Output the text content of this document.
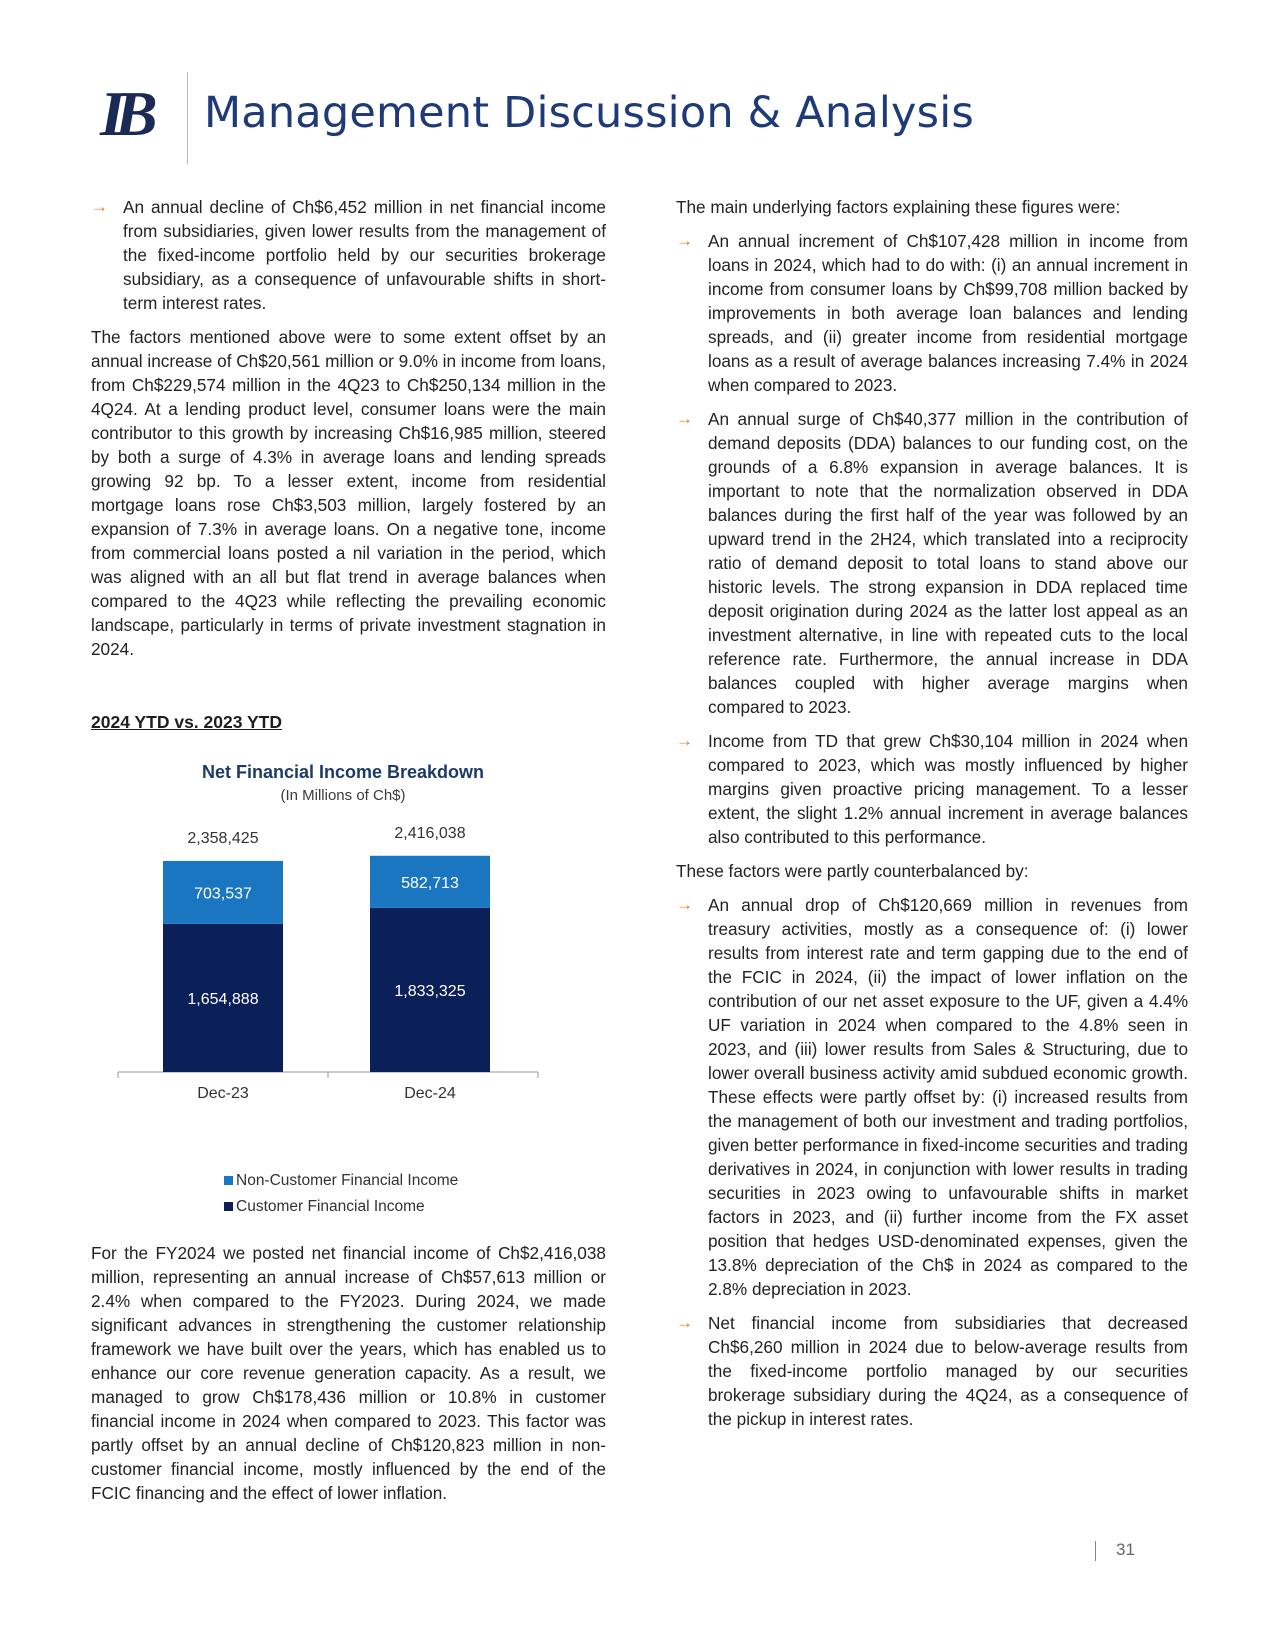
IB	Management Discussion & Analysis
→ An annual decline of Ch$6,452 million in net financial income from subsidiaries, given lower results from the management of the fixed-income portfolio held by our securities brokerage subsidiary, as a consequence of unfavourable shifts in short-term interest rates.

The factors mentioned above were to some extent offset by an annual increase of Ch$20,561 million or 9.0% in income from loans, from Ch$229,574 million in the 4Q23 to Ch$250,134 million in the 4Q24. At a lending product level, consumer loans were the main contributor to this growth by increasing Ch$16,985 million, steered by both a surge of 4.3% in average loans and lending spreads growing 92 bp. To a lesser extent, income from residential mortgage loans rose Ch$3,503 million, largely fostered by an expansion of 7.3% in average loans. On a negative tone, income from commercial loans posted a nil variation in the period, which was aligned with an all but flat trend in average balances when compared to the 4Q23 while reflecting the prevailing economic landscape, particularly in terms of private investment stagnation in 2024.

2024 YTD vs. 2023 YTD
Net Financial Income Breakdown
(In Millions of Ch$)
1,654,888
703,537
2,358,425
Dec-23
1,833,325
582,713
2,416,038
Dec-24
Non-Customer Financial Income
Customer Financial Income

For the FY2024 we posted net financial income of Ch$2,416,038 million, representing an annual increase of Ch$57,613 million or 2.4% when compared to the FY2023. During 2024, we made significant advances in strengthening the customer relationship framework we have built over the years, which has enabled us to enhance our core revenue generation capacity. As a result, we managed to grow Ch$178,436 million or 10.8% in customer financial income in 2024 when compared to 2023. This factor was partly offset by an annual decline of Ch$120,823 million in non-customer financial income, mostly influenced by the end of the FCIC financing and the effect of lower inflation.

The main underlying factors explaining these figures were:

→ An annual increment of Ch$107,428 million in income from loans in 2024, which had to do with: (i) an annual increment in income from consumer loans by Ch$99,708 million backed by improvements in both average loan balances and lending spreads, and (ii) greater income from residential mortgage loans as a result of average balances increasing 7.4% in 2024 when compared to 2023.
→ An annual surge of Ch$40,377 million in the contribution of demand deposits (DDA) balances to our funding cost, on the grounds of a 6.8% expansion in average balances. It is important to note that the normalization observed in DDA balances during the first half of the year was followed by an upward trend in the 2H24, which translated into a reciprocity ratio of demand deposit to total loans to stand above our historic levels. The strong expansion in DDA replaced time deposit origination during 2024 as the latter lost appeal as an investment alternative, in line with repeated cuts to the local reference rate. Furthermore, the annual increase in DDA balances coupled with higher average margins when compared to 2023.
→ Income from TD that grew Ch$30,104 million in 2024 when compared to 2023, which was mostly influenced by higher margins given proactive pricing management. To a lesser extent, the slight 1.2% annual increment in average balances also contributed to this performance.

These factors were partly counterbalanced by:

→ An annual drop of Ch$120,669 million in revenues from treasury activities, mostly as a consequence of: (i) lower results from interest rate and term gapping due to the end of the FCIC in 2024, (ii) the impact of lower inflation on the contribution of our net asset exposure to the UF, given a 4.4% UF variation in 2024 when compared to the 4.8% seen in 2023, and (iii) lower results from Sales & Structuring, due to lower overall business activity amid subdued economic growth. These effects were partly offset by: (i) increased results from the management of both our investment and trading portfolios, given better performance in fixed-income securities and trading derivatives in 2024, in conjunction with lower results in trading securities in 2023 owing to unfavourable shifts in market factors in 2023, and (ii) further income from the FX asset position that hedges USD-denominated expenses, given the 13.8% depreciation of the Ch$ in 2024 as compared to the 2.8% depreciation in 2023.
→ Net financial income from subsidiaries that decreased Ch$6,260 million in 2024 due to below-average results from the fixed-income portfolio managed by our securities brokerage subsidiary during the 4Q24, as a consequence of the pickup in interest rates.
31
